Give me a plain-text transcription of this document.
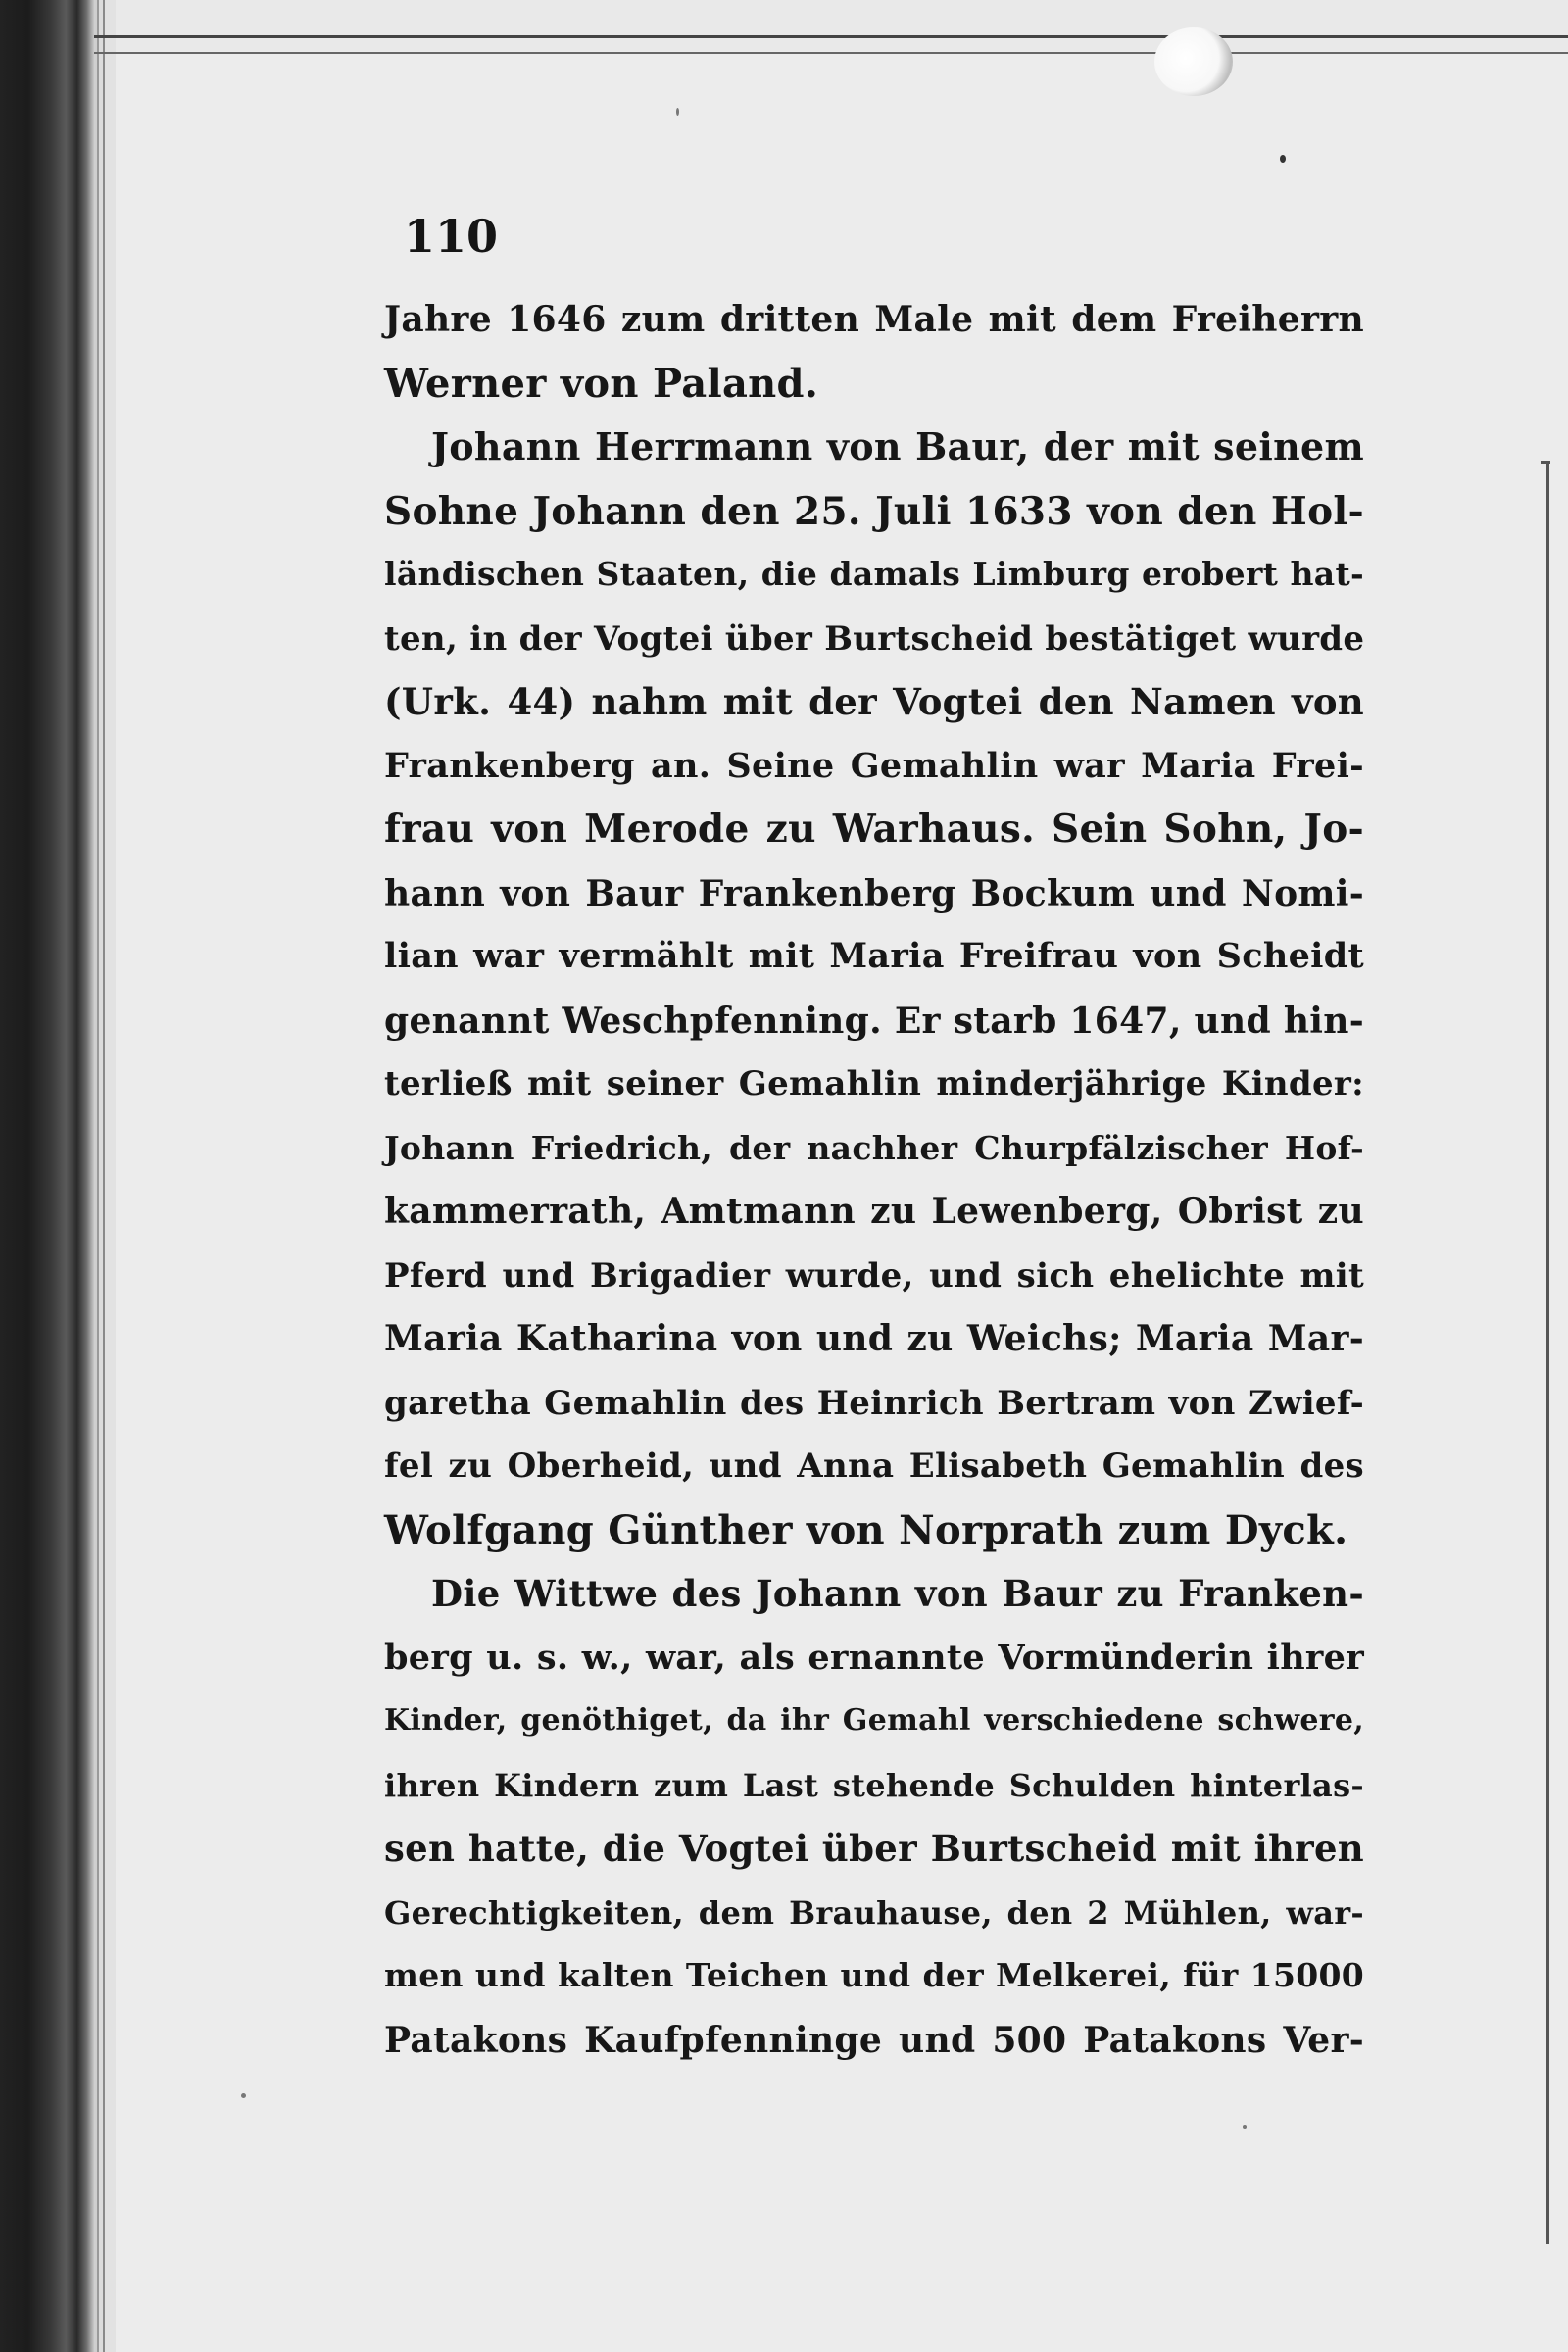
110
Jahre 1646 zum dritten Male mit dem Freiherrn
Werner von Paland.
Johann Herrmann von Baur, der mit seinem
Sohne Johann den 25. Juli 1633 von den Hol-
ländischen Staaten, die damals Limburg erobert hat-
ten, in der Vogtei über Burtscheid bestätiget wurde
(Urk. 44) nahm mit der Vogtei den Namen von
Frankenberg an. Seine Gemahlin war Maria Frei-
frau von Merode zu Warhaus. Sein Sohn, Jo-
hann von Baur Frankenberg Bockum und Nomi-
lian war vermählt mit Maria Freifrau von Scheidt
genannt Weschpfenning. Er starb 1647, und hin-
terließ mit seiner Gemahlin minderjährige Kinder:
Johann Friedrich, der nachher Churpfälzischer Hof-
kammerrath, Amtmann zu Lewenberg, Obrist zu
Pferd und Brigadier wurde, und sich ehelichte mit
Maria Katharina von und zu Weichs; Maria Mar-
garetha Gemahlin des Heinrich Bertram von Zwief-
fel zu Oberheid, und Anna Elisabeth Gemahlin des
Wolfgang Günther von Norprath zum Dyck.
Die Wittwe des Johann von Baur zu Franken-
berg u. s. w., war, als ernannte Vormünderin ihrer
Kinder, genöthiget, da ihr Gemahl verschiedene schwere,
ihren Kindern zum Last stehende Schulden hinterlas-
sen hatte, die Vogtei über Burtscheid mit ihren
Gerechtigkeiten, dem Brauhause, den 2 Mühlen, war-
men und kalten Teichen und der Melkerei, für 15000
Patakons Kaufpfenninge und 500 Patakons Ver-
